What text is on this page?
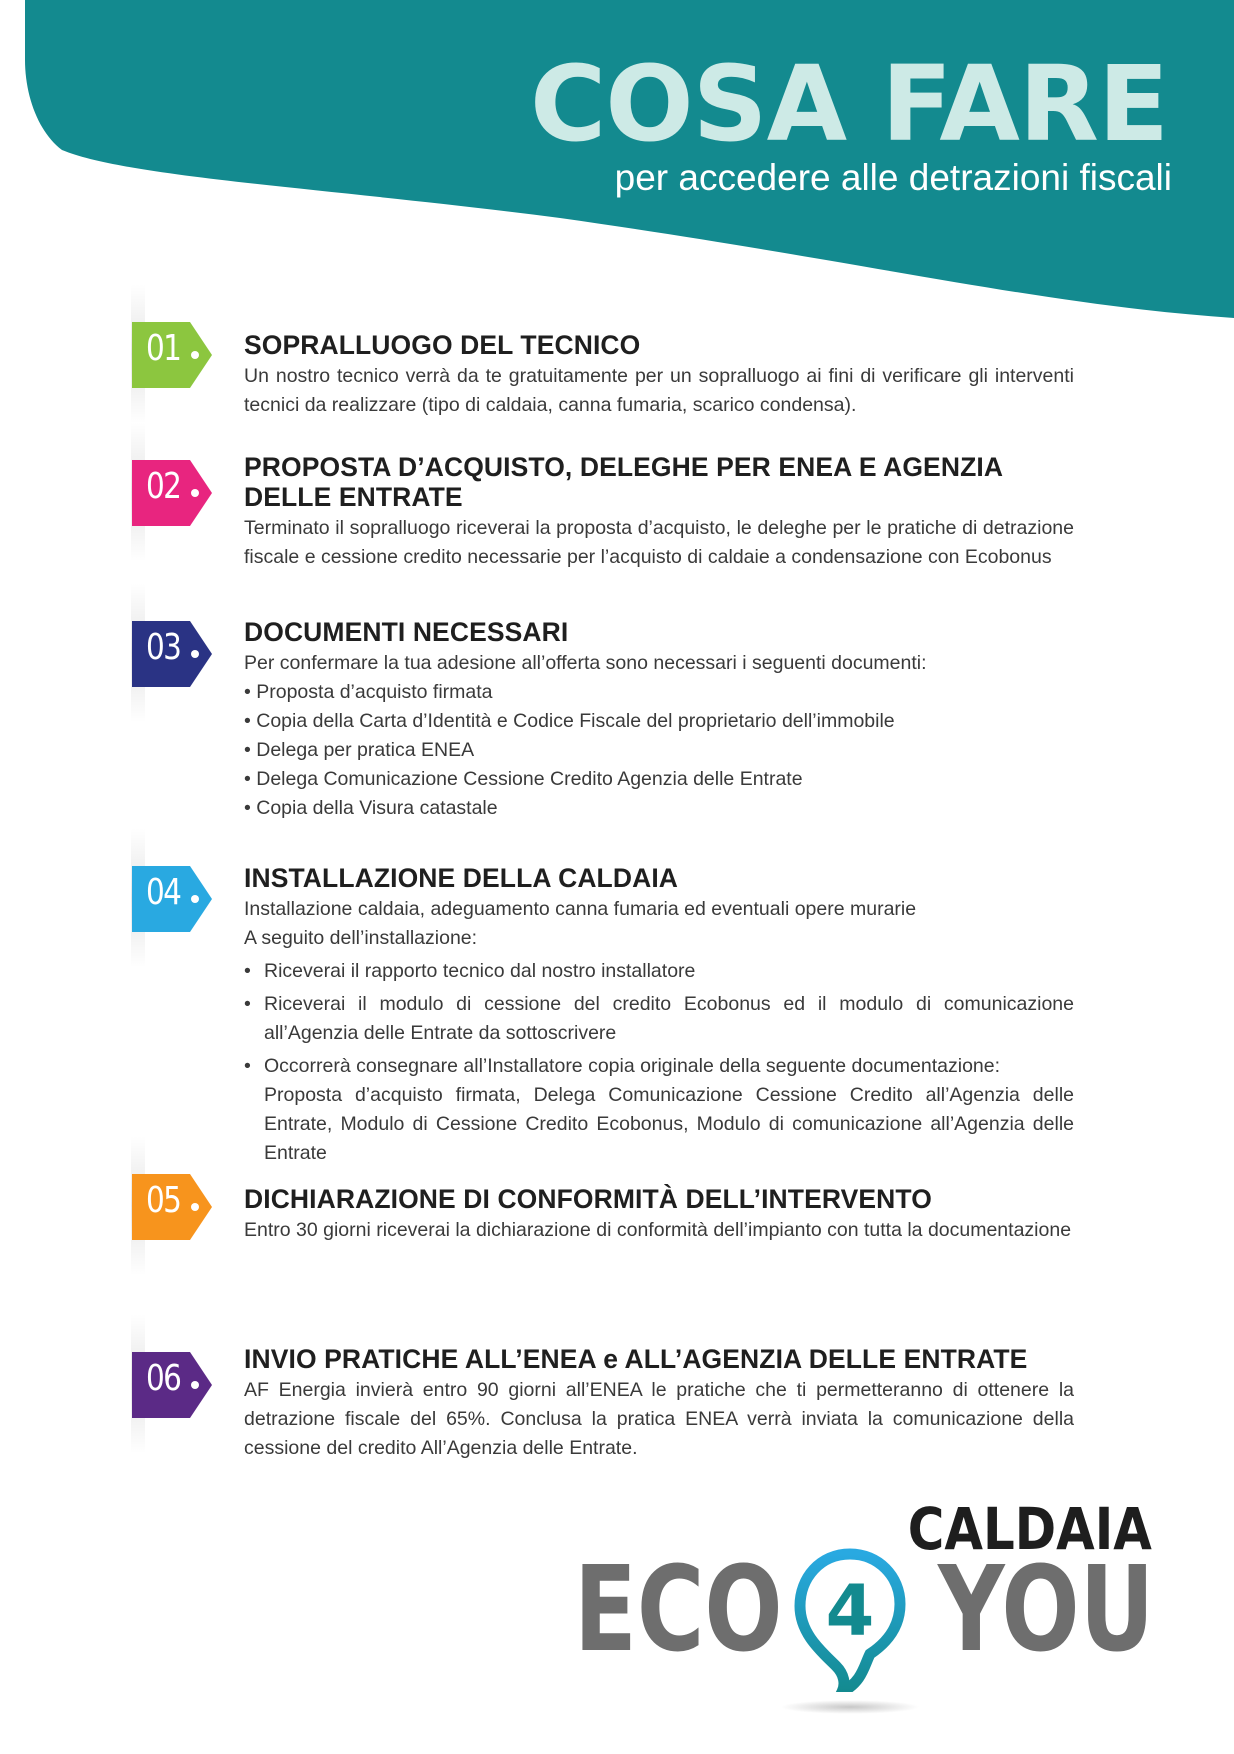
COSA FARE

per accedere alle detrazioni fiscali

01 SOPRALLUOGO DEL TECNICO

Un nostro tecnico verrà da te gratuitamente per un sopralluogo ai fini di verificare gli interventi tecnici da realizzare (tipo di caldaia, canna fumaria, scarico condensa).

02 PROPOSTA D’ACQUISTO, DELEGHE PER ENEA E AGENZIA DELLE ENTRATE

Terminato il sopralluogo riceverai la proposta d’acquisto, le deleghe per le pratiche di detrazione fiscale e cessione credito necessarie per l’acquisto di caldaie a condensazione con Ecobonus

03 DOCUMENTI NECESSARI

Per confermare la tua adesione all’offerta sono necessari i seguenti documenti:

• Proposta d’acquisto firmata
• Copia della Carta d’Identità e Codice Fiscale del proprietario dell’immobile
• Delega per pratica ENEA
• Delega Comunicazione Cessione Credito Agenzia delle Entrate
• Copia della Visura catastale
04 INSTALLAZIONE DELLA CALDAIA

Installazione caldaia, adeguamento canna fumaria ed eventuali opere murarie

A seguito dell’installazione:

• Riceverai il rapporto tecnico dal nostro installatore
• Riceverai il modulo di cessione del credito Ecobonus ed il modulo di comunicazione all’Agenzia delle Entrate da sottoscrivere
• Occorrerà consegnare all’Installatore copia originale della seguente documentazione:
Proposta d’acquisto firmata, Delega Comunicazione Cessione Credito all’Agenzia delle Entrate, Modulo di Cessione Credito Ecobonus, Modulo di comunicazione all’Agenzia delle Entrate
05 DICHIARAZIONE DI CONFORMITÀ DELL’INTERVENTO

Entro 30 giorni riceverai la dichiarazione di conformità dell’impianto con tutta la documentazione

06 INVIO PRATICHE ALL’ENEA e ALL’AGENZIA DELLE ENTRATE

AF Energia invierà entro 90 giorni all’ENEA le pratiche che ti permetteranno di ottenere la detrazione fiscale del 65%. Conclusa la pratica ENEA verrà inviata la comunicazione della cessione del credito All’Agenzia delle Entrate.

CALDAIA

ECO 4 YOU
